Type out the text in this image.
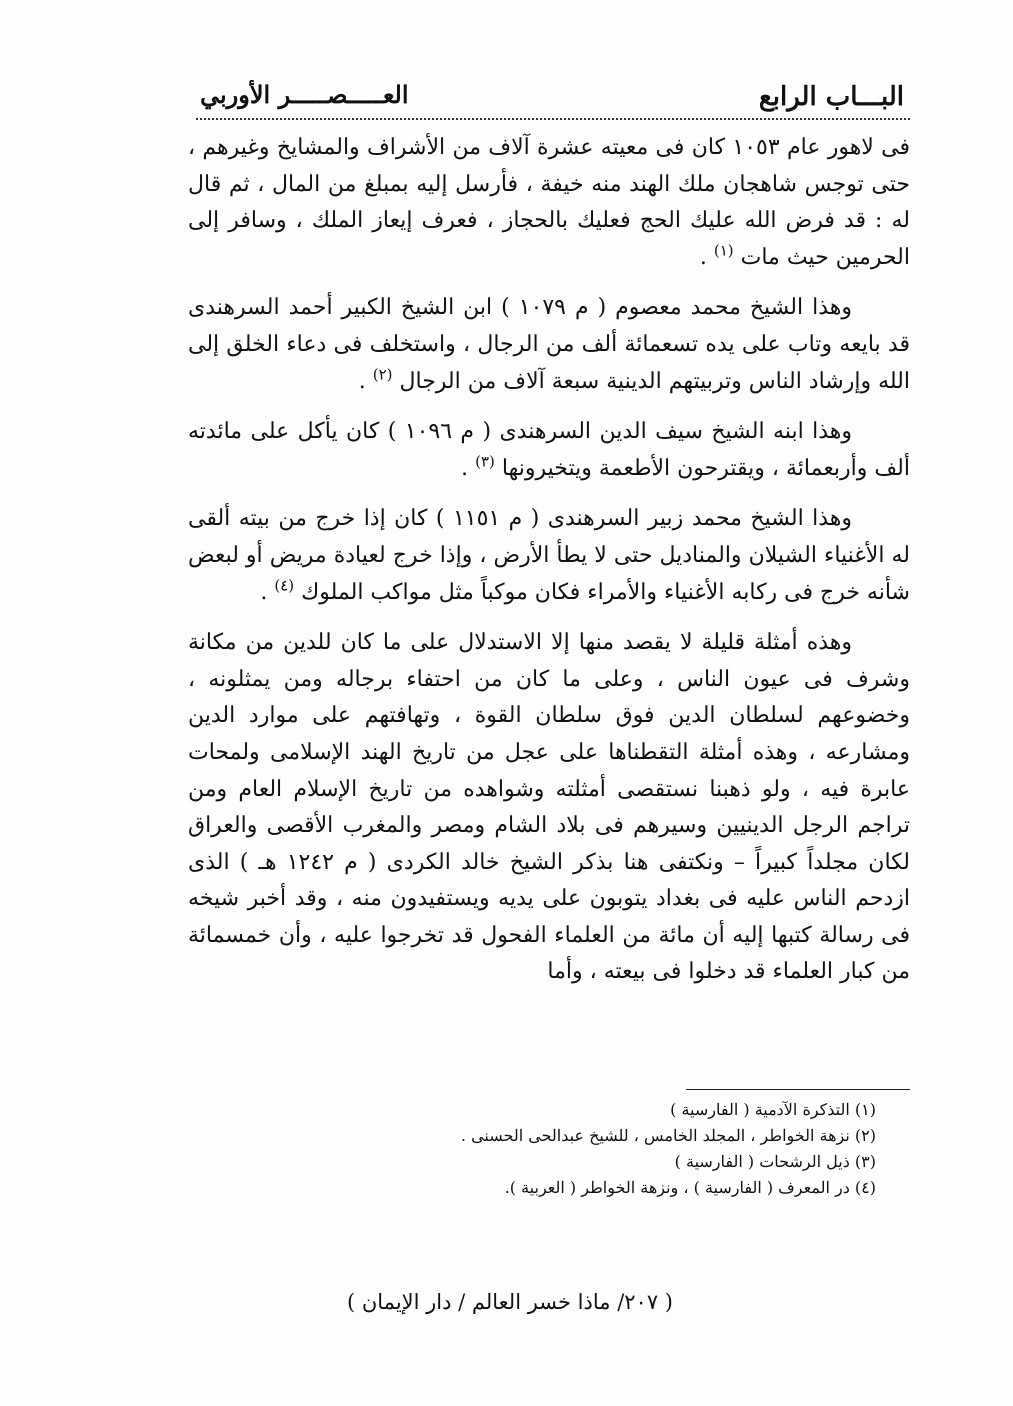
البـــاب الرابع
العـــــصـــــر الأوربي

فى لاهور عام ١٠٥٣ كان فى معيته عشرة آلاف من الأشراف والمشايخ وغيرهم ، حتى توجس شاهجان ملك الهند منه خيفة ، فأرسل إليه بمبلغ من المال ، ثم قال له : قد فرض الله عليك الحج فعليك بالحجاز ، فعرف إيعاز الملك ، وسافر إلى الحرمين حيث مات $^{(١)}$ .

وهذا الشيخ محمد معصوم ( م ١٠٧٩ ) ابن الشيخ الكبير أحمد السرهندى قد بايعه وتاب على يده تسعمائة ألف من الرجال ، واستخلف فى دعاء الخلق إلى الله وإرشاد الناس وتربيتهم الدينية سبعة آلاف من الرجال $^{(٢)}$ .

وهذا ابنه الشيخ سيف الدين السرهندى ( م ١٠٩٦ ) كان يأكل على مائدته ألف وأربعمائة ، ويقترحون الأطعمة ويتخيرونها $^{(٣)}$ .

وهذا الشيخ محمد زبير السرهندى ( م ١١٥١ ) كان إذا خرج من بيته ألقى له الأغنياء الشيلان والمناديل حتى لا يطأ الأرض ، وإذا خرج لعيادة مريض أو لبعض شأنه خرج فى ركابه الأغنياء والأمراء فكان موكباً مثل مواكب الملوك $^{(٤)}$ .

وهذه أمثلة قليلة لا يقصد منها إلا الاستدلال على ما كان للدين من مكانة وشرف فى عيون الناس ، وعلى ما كان من احتفاء برجاله ومن يمثلونه ، وخضوعهم لسلطان الدين فوق سلطان القوة ، وتهافتهم على موارد الدين ومشارعه ، وهذه أمثلة التقطناها على عجل من تاريخ الهند الإسلامى ولمحات عابرة فيه ، ولو ذهبنا نستقصى أمثلته وشواهده من تاريخ الإسلام العام ومن تراجم الرجل الدينيين وسيرهم فى بلاد الشام ومصر والمغرب الأقصى والعراق لكان مجلداً كبيراً – ونكتفى هنا بذكر الشيخ خالد الكردى ( م ١٢٤٢ هـ ) الذى ازدحم الناس عليه فى بغداد يتوبون على يديه ويستفيدون منه ، وقد أخبر شيخه فى رسالة كتبها إليه أن مائة من العلماء الفحول قد تخرجوا عليه ، وأن خمسمائة من كبار العلماء قد دخلوا فى بيعته ، وأما

(١) التذكرة الآدمية ( الفارسية )

(٢) نزهة الخواطر ، المجلد الخامس ، للشيخ عبدالحى الحسنى .

(٣) ذيل الرشحات ( الفارسية )

(٤) در المعرف ( الفارسية ) ، ونزهة الخواطر ( العربية ).

( ٢٠٧/ ماذا خسر العالم / دار الإيمان )
